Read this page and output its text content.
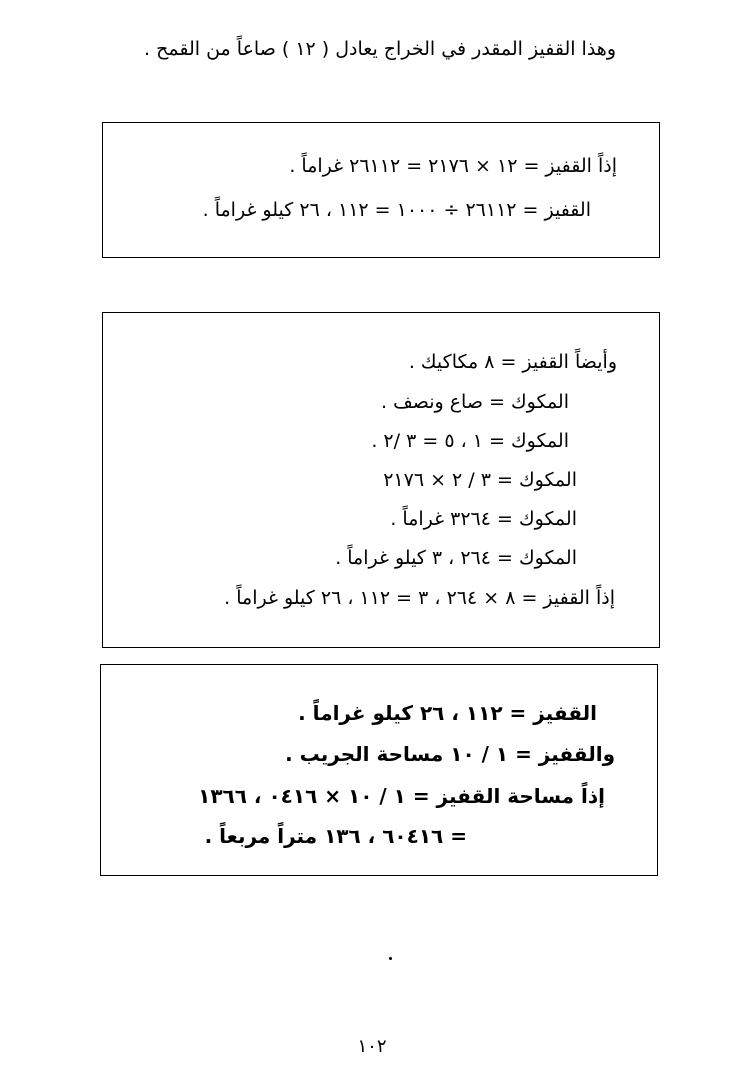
وهذا القفيز المقدر في الخراج يعادل ( ١٢ ) صاعاً من القمح .
إذاً القفيز = ١٢ × ٢١٧٦ = ٢٦١١٢ غراماً .
القفيز = ٢٦١١٢ ÷ ١٠٠٠ = ١١٢ ، ٢٦ كيلو غراماً .
وأيضاً القفيز = ٨ مكاكيك .
المكوك = صاع ونصف .
المكوك = ١ ، ٥ = ٣ /٢ .
المكوك = ٣ / ٢ × ٢١٧٦
المكوك = ٣٢٦٤ غراماً .
المكوك = ٢٦٤ ، ٣ كيلو غراماً .
إذاً القفيز = ٨ × ٢٦٤ ، ٣ = ١١٢ ، ٢٦ كيلو غراماً .
القفيز = ١١٢ ، ٢٦ كيلو غراماً .
والقفيز = ١ / ١٠ مساحة الجريب .
إذاً مساحة القفيز = ١ / ١٠ × ٠٤١٦ ، ١٣٦٦
= ٦٠٤١٦ ، ١٣٦ متراً مربعاً .
١٠٢
